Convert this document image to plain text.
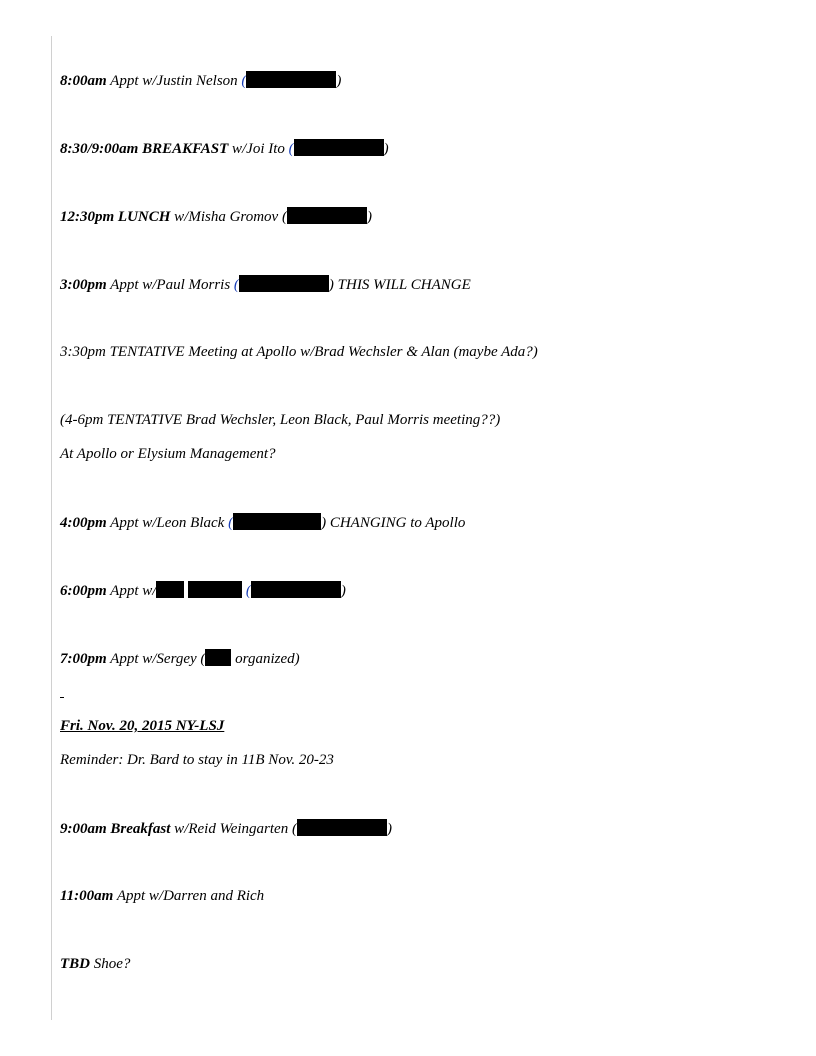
8:00am Appt w/Justin Nelson (	)
8:30/9:00am BREAKFAST w/Joi Ito (	)
12:30pm LUNCH w/Misha Gromov (	)
3:00pm Appt w/Paul Morris (	) THIS WILL CHANGE
3:30pm TENTATIVE Meeting at Apollo w/Brad Wechsler & Alan (maybe Ada?)
(4-6pm TENTATIVE Brad Wechsler, Leon Black, Paul Morris meeting??)
At Apollo or Elysium Management?
4:00pm Appt w/Leon Black (	) CHANGING to Apollo
6:00pm Appt w/	(	)
7:00pm Appt w/Sergey ( organized)
Fri. Nov. 20, 2015 NY-LSJ
Reminder: Dr. Bard to stay in 11B Nov. 20-23
9:00am Breakfast w/Reid Weingarten (	)
11:00am Appt w/Darren and Rich
TBD Shoe?
